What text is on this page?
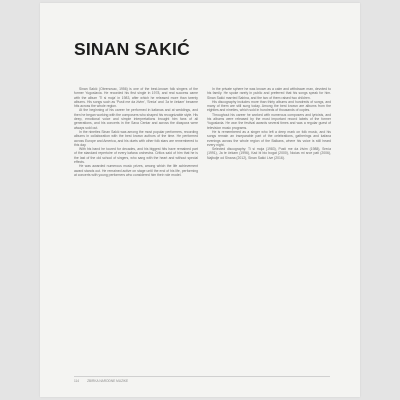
SINAN SAKIĆ

Sinan Sakić (Obrenovac, 1956) is one of the best-known folk singers of the former Yugoslavia. He recorded his first single in 1978, and real success came with the album 'Ti si moja' in 1983, after which he released more than twenty albums. His songs such as 'Pusti me da živim', 'Sreća' and 'Ja te čekam' became hits across the whole region.

At the beginning of his career he performed in kafanas and at weddings, and then he began working with the composers who shaped his recognizable style. His deep, emotional voice and simple interpretations brought him fans of all generations, and his concerts in the Sava Centar and across the diaspora were always sold out.

In the nineties Sinan Sakić was among the most popular performers, recording albums in collaboration with the best known authors of the time. He performed across Europe and America, and his duets with other folk stars are remembered to this day.

With his band he toured for decades, and his biggest hits have remained part of the standard repertoire of every kafana orchestra. Critics said of him that he is the last of the old school of singers, who sang with the heart and without special effects.

He was awarded numerous music prizes, among which the life achievement award stands out. He remained active on stage until the end of his life, performing at concerts with young performers who considered him their role model.

In the private sphere he was known as a calm and withdrawn man, devoted to his family. He spoke rarely in public and preferred that his songs speak for him. Sinan Sakić married Sabina, and the two of them raised two children.

His discography includes more than thirty albums and hundreds of songs, and many of them are still sung today. Among the best known are albums from the eighties and nineties, which sold in hundreds of thousands of copies.

Throughout his career he worked with numerous composers and lyricists, and his albums were released by the most important record labels of the former Yugoslavia. He won the festival awards several times and was a regular guest of television music programs.

He is remembered as a singer who left a deep mark on folk music, and his songs remain an inseparable part of the celebrations, gatherings and kafana evenings across the whole region of the Balkans, where his voice is still heard every night.

Selected discography: Ti si moja (1983), Pusti me da živim (1988), Sreća (1991), Ja te čekam (1996), Kad bi bio bogat (2000), Noćas mi srce pati (2006), Najbolje od Sinana (2012), Sinan Sakić Live (2016).

114	ZBIRKA NARODNE MUZIKE
